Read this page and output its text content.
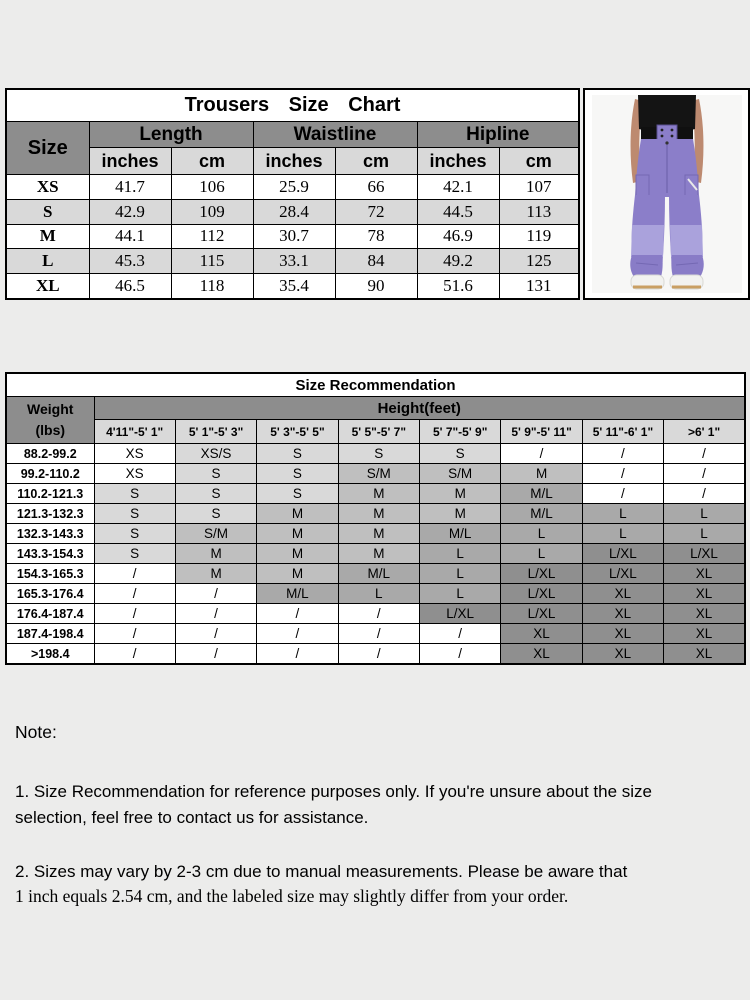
Trousers Size Chart						
Size	Length		Waistline		Hipline	
	inches	cm	inches	cm	inches	cm
XS	41.7	106	25.9	66	42.1	107
S	42.9	109	28.4	72	44.5	113
M	44.1	112	30.7	78	46.9	119
L	45.3	115	33.1	84	49.2	125
XL	46.5	118	35.4	90	51.6	131
Size Recommendation								
Weight
(lbs)	Height(feet)							
	4'11"-5' 1"	5' 1"-5' 3"	5' 3"-5' 5"	5' 5"-5' 7"	5' 7"-5' 9"	5' 9"-5' 11"	5' 11"-6' 1"	>6' 1"
88.2-99.2	XS	XS/S	S	S	S	/	/	/
99.2-110.2	XS	S	S	S/M	S/M	M	/	/
110.2-121.3	S	S	S	M	M	M/L	/	/
121.3-132.3	S	S	M	M	M	M/L	L	L
132.3-143.3	S	S/M	M	M	M/L	L	L	L
143.3-154.3	S	M	M	M	L	L	L/XL	L/XL
154.3-165.3	/	M	M	M/L	L	L/XL	L/XL	XL
165.3-176.4	/	/	M/L	L	L	L/XL	XL	XL
176.4-187.4	/	/	/	/	L/XL	L/XL	XL	XL
187.4-198.4	/	/	/	/	/	XL	XL	XL
>198.4	/	/	/	/	/	XL	XL	XL

Note:

1. Size Recommendation for reference purposes only. If you're unsure about the size selection, feel free to contact us for assistance.

2. Sizes may vary by 2-3 cm due to manual measurements. Please be aware that

1 inch equals 2.54 cm, and the labeled size may slightly differ from your order.
